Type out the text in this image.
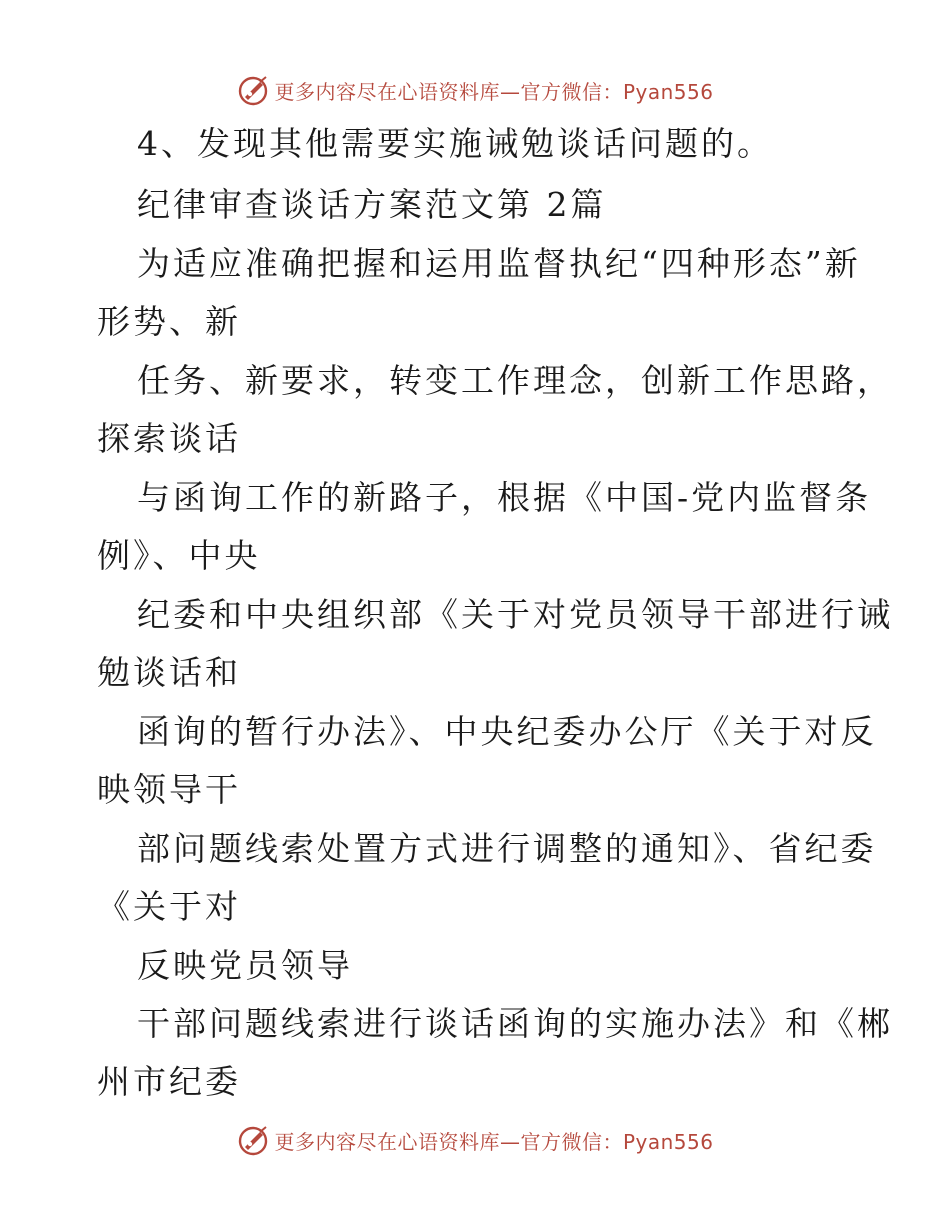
更多内容尽在心语资料库—官方微信：Pyan556
4、发现其他需要实施诫勉谈话问题的。
纪律审查谈话方案范文第 2篇
为适应准确把握和运用监督执纪“四种形态”新
形势、新
任务、新要求，转变工作理念，创新工作思路，
探索谈话
与函询工作的新路子，根据《中国-党内监督条
例》、中央
纪委和中央组织部《关于对党员领导干部进行诫
勉谈话和
函询的暂行办法》、中央纪委办公厅《关于对反
映领导干
部问题线索处置方式进行调整的通知》、省纪委
《关于对
反映党员领导
干部问题线索进行谈话函询的实施办法》和《郴
州市纪委
更多内容尽在心语资料库—官方微信：Pyan556
